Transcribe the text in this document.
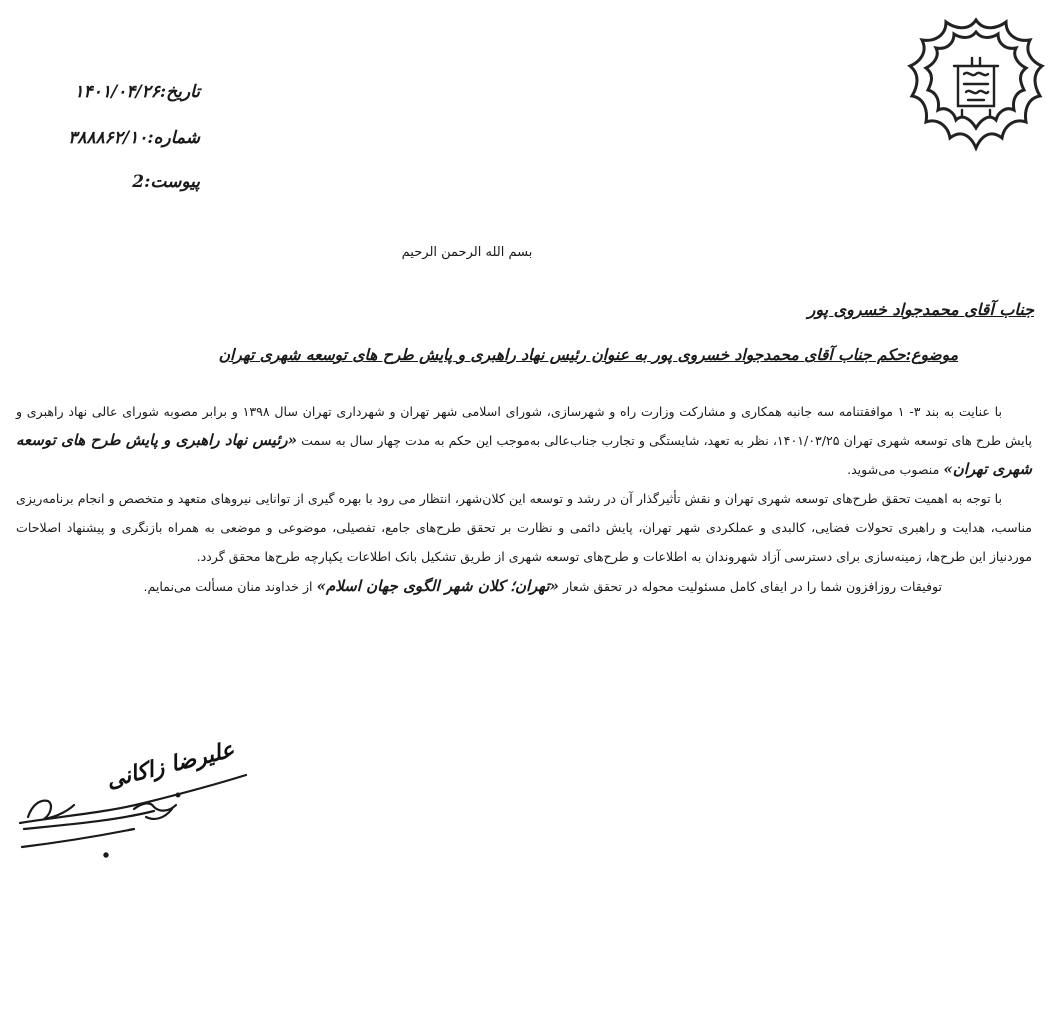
تاریخ:۱۴۰۱/۰۴/۲۶
شماره:۳۸۸۸۶۲/۱۰
پیوست:2
بسم الله الرحمن الرحیم
جناب آقای محمدجواد خسروی پور
موضوع:حکم جناب آقای محمدجواد خسروی پور به عنوان رئیس نهاد راهبری و پایش طرح های توسعه شهری تهران

با عنایت به بند ۳- ۱ موافقتنامه سه جانبه همکاری و مشارکت وزارت راه و شهرسازی، شورای اسلامی شهر تهران و شهرداری تهران سال ۱۳۹۸ و برابر مصوبه شورای عالی نهاد راهبری و پایش طرح های توسعه شهری تهران ۱۴۰۱/۰۳/۲۵، نظر به تعهد، شایستگی و تجارب جناب‌عالی به‌موجب این حکم به مدت چهار سال به سمت «رئیس نهاد راهبری و پایش طرح های توسعه شهری تهران» منصوب می‌شوید.

با توجه به اهمیت تحقق طرح‌های توسعه شهری تهران و نقش تأثیرگذار آن در رشد و توسعه این کلان‌شهر، انتظار می رود با بهره گیری از توانایی نیروهای متعهد و متخصص و انجام برنامه‌ریزی مناسب، هدایت و راهبری تحولات فضایی، کالبدی و عملکردی شهر تهران، پایش دائمی و نظارت بر تحقق طرح‌های جامع، تفصیلی، موضوعی و موضعی به همراه بازنگری و پیشنهاد اصلاحات موردنیاز این طرح‌ها، زمینه‌سازی برای دسترسی آزاد شهروندان به اطلاعات و طرح‌های توسعه شهری از طریق تشکیل بانک اطلاعات یکپارچه طرح‌ها محقق گردد.

توفیقات روزافزون شما را در ایفای کامل مسئولیت محوله در تحقق شعار «تهران؛ کلان شهر الگوی جهان اسلام» از خداوند منان مسألت می‌نمایم.

علیرضا زاکانی
